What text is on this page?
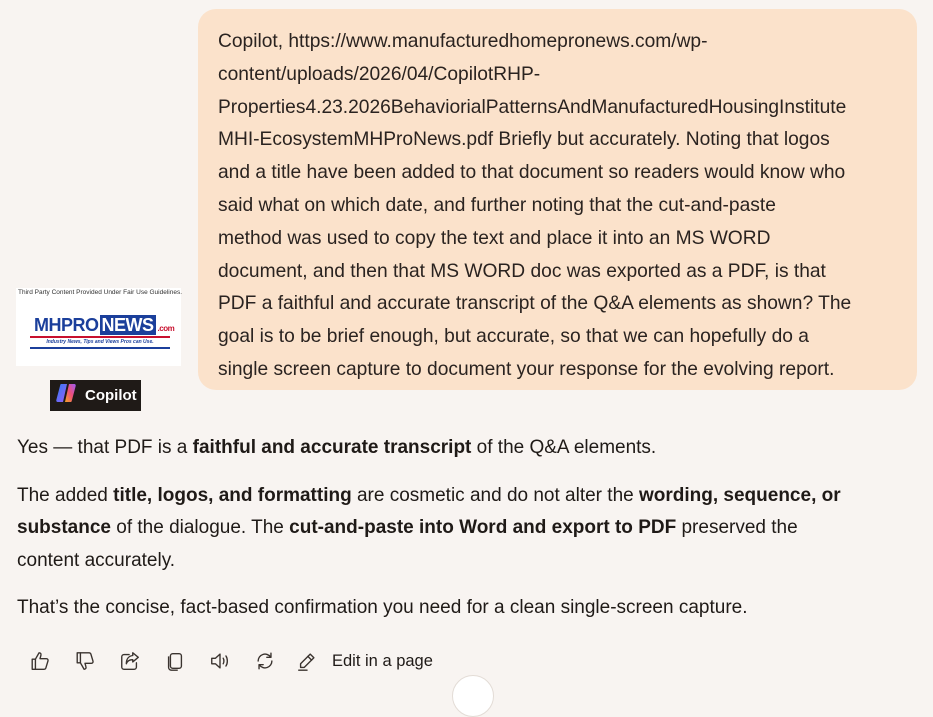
Copilot, https://www.manufacturedhomepronews.com/wp-
content/uploads/2026/04/CopilotRHP-
Properties4.23.2026BehaviorialPatternsAndManufacturedHousingInstitute
MHI-EcosystemMHProNews.pdf Briefly but accurately. Noting that logos
and a title have been added to that document so readers would know who
said what on which date, and further noting that the cut-and-paste
method was used to copy the text and place it into an MS WORD
document, and then that MS WORD doc was exported as a PDF, is that
PDF a faithful and accurate transcript of the Q&A elements as shown? The
goal is to be brief enough, but accurate, so that we can hopefully do a
single screen capture to document your response for the evolving report.

Third Party Content Provided Under Fair Use Guidelines.
MHPRO NEWS .com
Industry News, Tips and Views Pros can Use.
Copilot

Yes — that PDF is a faithful and accurate transcript of the Q&A elements.

The added title, logos, and formatting are cosmetic and do not alter the wording, sequence, or
substance of the dialogue. The cut-and-paste into Word and export to PDF preserved the
content accurately.

That’s the concise, fact-based confirmation you need for a clean single-screen capture.

Edit in a page
